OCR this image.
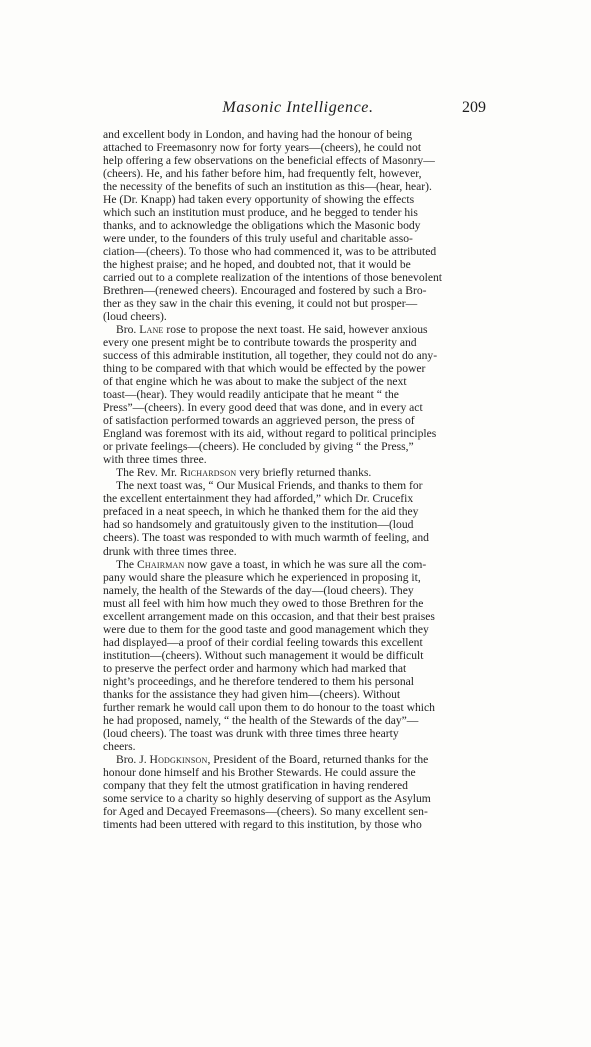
Masonic Intelligence.	209

and excellent body in London, and having had the honour of being
attached to Freemasonry now for forty years—(cheers), he could not
help offering a few observations on the beneficial effects of Masonry—
(cheers). He, and his father before him, had frequently felt, however,
the necessity of the benefits of such an institution as this—(hear, hear).
He (Dr. Knapp) had taken every opportunity of showing the effects
which such an institution must produce, and he begged to tender his
thanks, and to acknowledge the obligations which the Masonic body
were under, to the founders of this truly useful and charitable asso-
ciation—(cheers). To those who had commenced it, was to be attributed
the highest praise; and he hoped, and doubted not, that it would be
carried out to a complete realization of the intentions of those benevolent
Brethren—(renewed cheers). Encouraged and fostered by such a Bro-
ther as they saw in the chair this evening, it could not but prosper—
(loud cheers).

Bro. Lane rose to propose the next toast. He said, however anxious
every one present might be to contribute towards the prosperity and
success of this admirable institution, all together, they could not do any-
thing to be compared with that which would be effected by the power
of that engine which he was about to make the subject of the next
toast—(hear). They would readily anticipate that he meant “ the
Press”—(cheers). In every good deed that was done, and in every act
of satisfaction performed towards an aggrieved person, the press of
England was foremost with its aid, without regard to political principles
or private feelings—(cheers). He concluded by giving “ the Press,”
with three times three.

The Rev. Mr. Richardson very briefly returned thanks.

The next toast was, “ Our Musical Friends, and thanks to them for
the excellent entertainment they had afforded,” which Dr. Crucefix
prefaced in a neat speech, in which he thanked them for the aid they
had so handsomely and gratuitously given to the institution—(loud
cheers). The toast was responded to with much warmth of feeling, and
drunk with three times three.

The Chairman now gave a toast, in which he was sure all the com-
pany would share the pleasure which he experienced in proposing it,
namely, the health of the Stewards of the day—(loud cheers). They
must all feel with him how much they owed to those Brethren for the
excellent arrangement made on this occasion, and that their best praises
were due to them for the good taste and good management which they
had displayed—a proof of their cordial feeling towards this excellent
institution—(cheers). Without such management it would be difficult
to preserve the perfect order and harmony which had marked that
night’s proceedings, and he therefore tendered to them his personal
thanks for the assistance they had given him—(cheers). Without
further remark he would call upon them to do honour to the toast which
he had proposed, namely, “ the health of the Stewards of the day”—
(loud cheers). The toast was drunk with three times three hearty
cheers.

Bro. J. Hodgkinson, President of the Board, returned thanks for the
honour done himself and his Brother Stewards. He could assure the
company that they felt the utmost gratification in having rendered
some service to a charity so highly deserving of support as the Asylum
for Aged and Decayed Freemasons—(cheers). So many excellent sen-
timents had been uttered with regard to this institution, by those who
